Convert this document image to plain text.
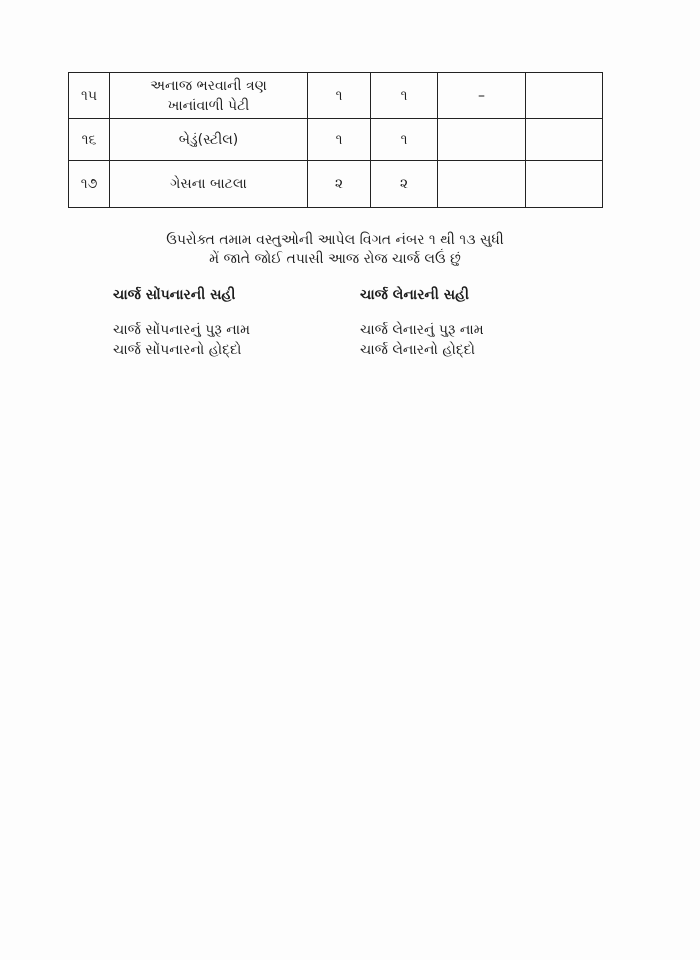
૧૫	અનાજ ભરવાની ત્રણ
ખાનાંવાળી પેટી	૧	૧	–	
૧૬	બેડું(સ્ટીલ)	૧	૧		
૧૭	ગેસના બાટલા	૨	૨		
ઉપરોક્ત તમામ વસ્તુઓની આપેલ વિગત નંબર ૧ થી ૧૩ સુધી
મેં જાતે જોઈ તપાસી આજ રોજ ચાર્જ લઉં છું
ચાર્જ સોંપનારની સહી	ચાર્જ લેનારની સહી
ચાર્જ સોંપનારનું પુરૂ નામ
ચાર્જ સોંપનારનો હોદ્દો
ચાર્જ લેનારનું પુરૂ નામ
ચાર્જ લેનારનો હોદ્દો
